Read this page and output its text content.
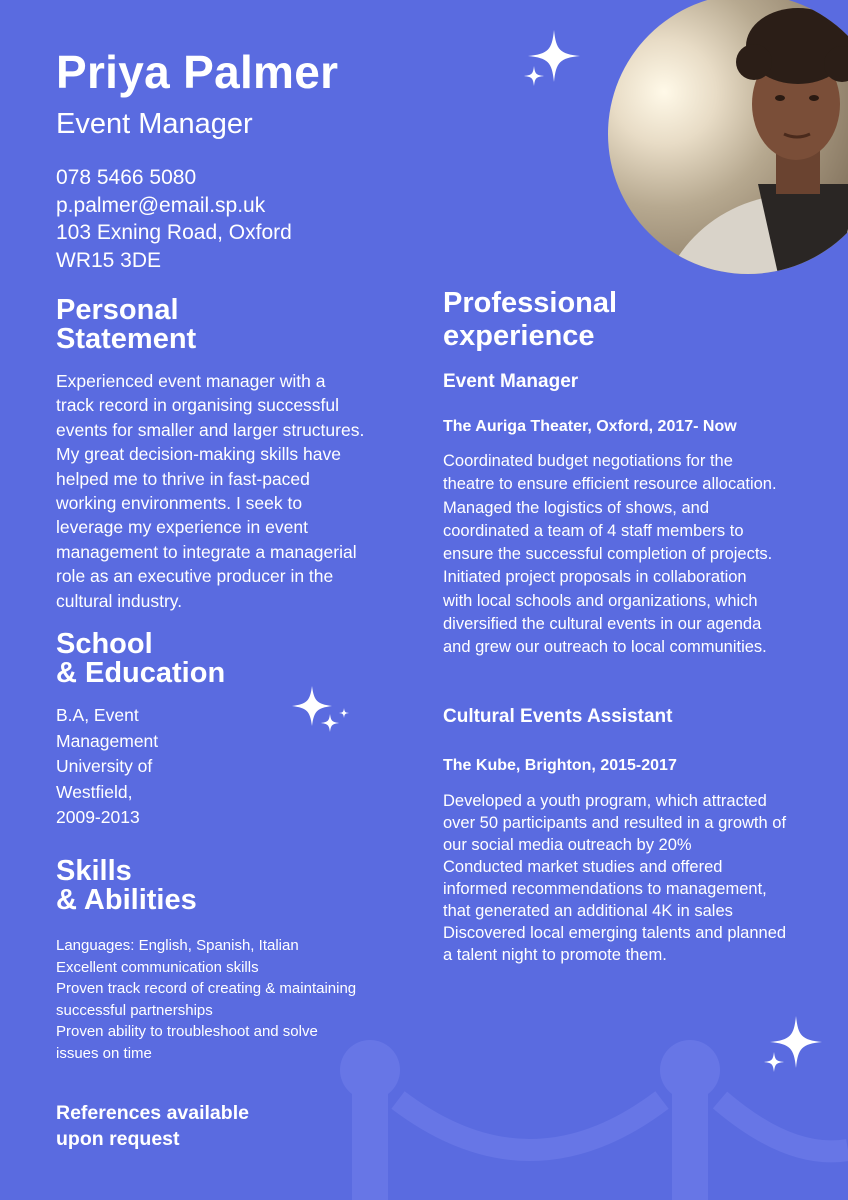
Priya Palmer
Event Manager
078 5466 5080
p.palmer@email.sp.uk
103 Exning Road, Oxford
WR15 3DE
Personal
Statement
Experienced event manager with a
track record in organising successful
events for smaller and larger structures.
My great decision-making skills have
helped me to thrive in fast-paced
working environments. I seek to
leverage my experience in event
management to integrate a managerial
role as an executive producer in the
cultural industry.
School
& Education
B.A, Event
Management
University of
Westfield,
2009-2013
Skills
& Abilities
Languages: English, Spanish, Italian
Excellent communication skills
Proven track record of creating & maintaining
successful partnerships
Proven ability to troubleshoot and solve
issues on time
References available
upon request
Professional
experience
Event Manager
The Auriga Theater, Oxford, 2017- Now
Coordinated budget negotiations for the
theatre to ensure efficient resource allocation.
Managed the logistics of shows, and
coordinated a team of 4 staff members to
ensure the successful completion of projects.
Initiated project proposals in collaboration
with local schools and organizations, which
diversified the cultural events in our agenda
and grew our outreach to local communities.
Cultural Events Assistant
The Kube, Brighton, 2015-2017
Developed a youth program, which attracted
over 50 participants and resulted in a growth of
our social media outreach by 20%
Conducted market studies and offered
informed recommendations to management,
that generated an additional 4K in sales
Discovered local emerging talents and planned
a talent night to promote them.
